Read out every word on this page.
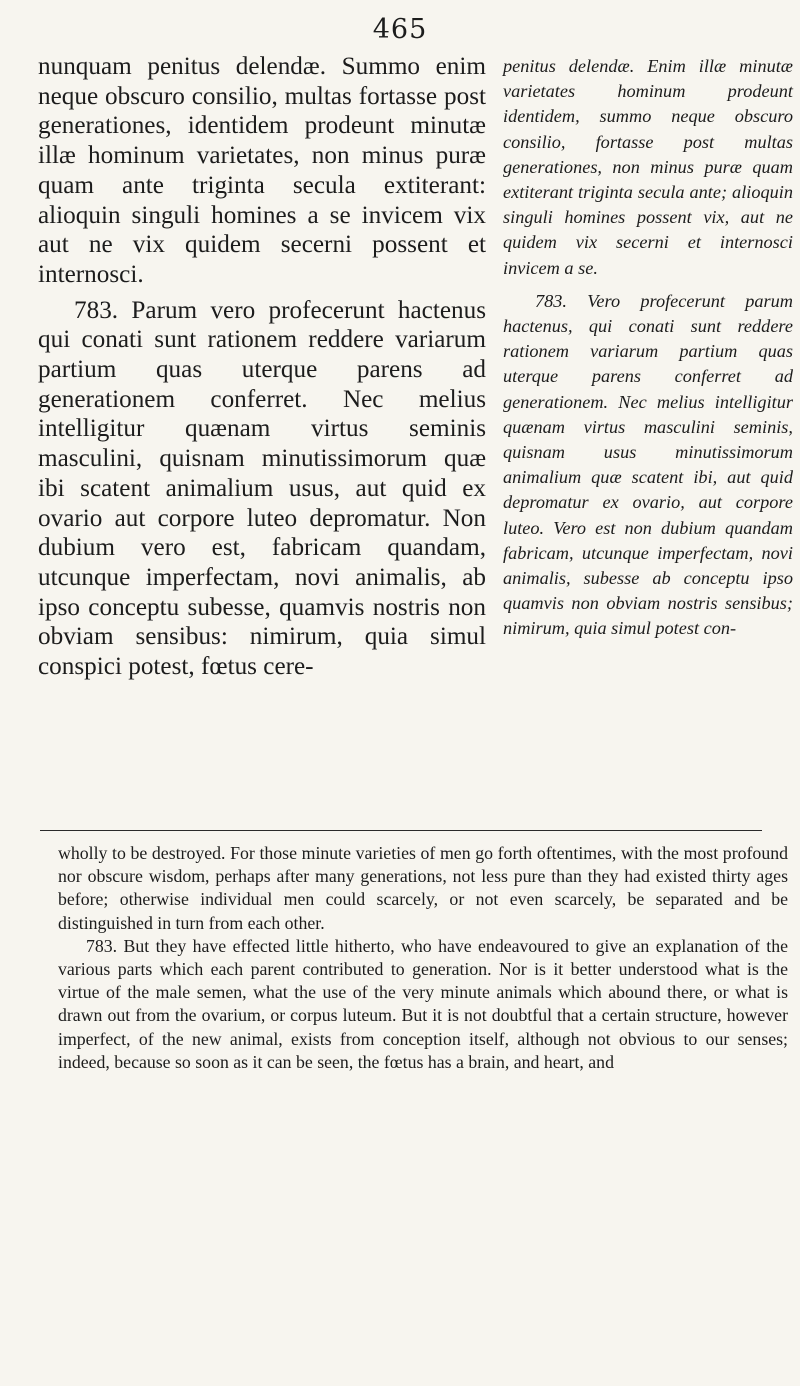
465

nunquam penitus delendæ. Summo enim neque obscuro consilio, multas fortasse post generationes, identidem prodeunt minutæ illæ hominum varietates, non minus puræ quam ante triginta secula extiterant: alioquin singuli homines a se invicem vix aut ne vix quidem secerni possent et internosci.

783. Parum vero profecerunt hactenus qui conati sunt rationem reddere variarum partium quas uterque parens ad generationem conferret. Nec melius intelligitur quænam virtus seminis masculini, quisnam minutissimorum quæ ibi scatent animalium usus, aut quid ex ovario aut corpore luteo depromatur. Non dubium vero est, fabricam quandam, utcunque imperfectam, novi animalis, ab ipso conceptu subesse, quamvis nostris non obviam sensibus: nimirum, quia simul conspici potest, fœtus cere-

penitus delendæ. Enim illæ minutæ varietates hominum prodeunt identidem, summo neque obscuro consilio, fortasse post multas generationes, non minus puræ quam extiterant triginta secula ante; alioquin singuli homines possent vix, aut ne quidem vix secerni et internosci invicem a se.

783. Vero profecerunt parum hactenus, qui conati sunt reddere rationem variarum partium quas uterque parens conferret ad generationem. Nec melius intelligitur quænam virtus masculini seminis, quisnam usus minutissimorum animalium quæ scatent ibi, aut quid depromatur ex ovario, aut corpore luteo. Vero est non dubium quandam fabricam, utcunque imperfectam, novi animalis, subesse ab conceptu ipso quamvis non obviam nostris sensibus; nimirum, quia simul potest con-

wholly to be destroyed. For those minute varieties of men go forth oftentimes, with the most profound nor obscure wisdom, perhaps after many generations, not less pure than they had existed thirty ages before; otherwise individual men could scarcely, or not even scarcely, be separated and be distinguished in turn from each other.

783. But they have effected little hitherto, who have endeavoured to give an explanation of the various parts which each parent contributed to generation. Nor is it better understood what is the virtue of the male semen, what the use of the very minute animals which abound there, or what is drawn out from the ovarium, or corpus luteum. But it is not doubtful that a certain structure, however imperfect, of the new animal, exists from conception itself, although not obvious to our senses; indeed, because so soon as it can be seen, the fœtus has a brain, and heart, and
